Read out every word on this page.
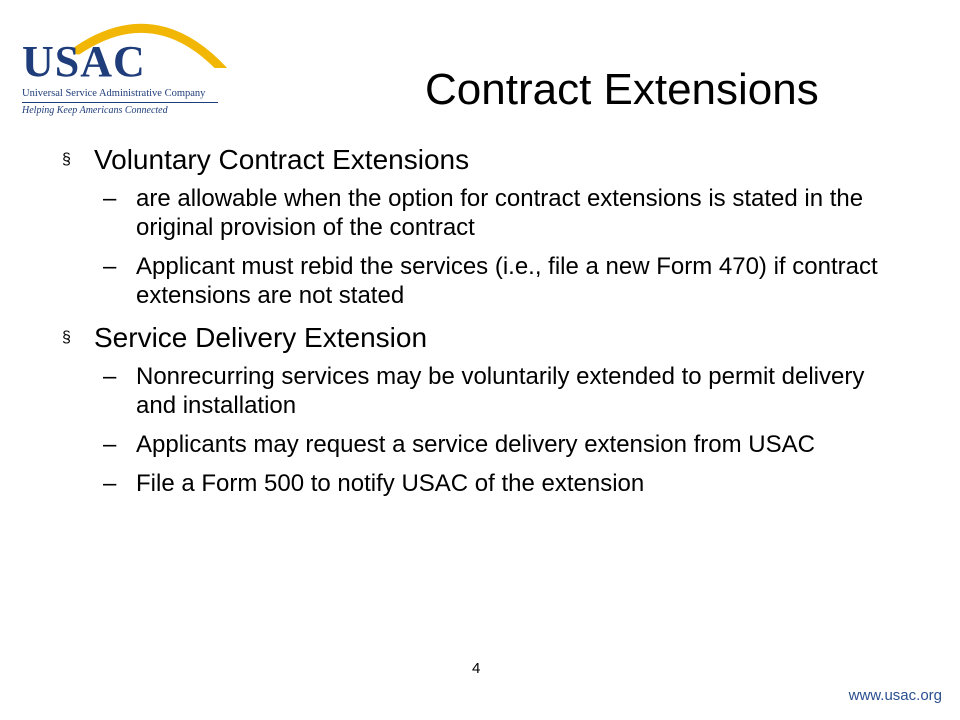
USAC
Universal Service Administrative Company
Helping Keep Americans Connected	Contract Extensions
§ Voluntary Contract Extensions
– are allowable when the option for contract extensions is stated in the original provision of the contract
– Applicant must rebid the services (i.e., file a new Form 470) if contract extensions are not stated
§ Service Delivery Extension
– Nonrecurring services may be voluntarily extended to permit delivery and installation
– Applicants may request a service delivery extension from USAC
– File a Form 500 to notify USAC of the extension
4
www.usac.org
